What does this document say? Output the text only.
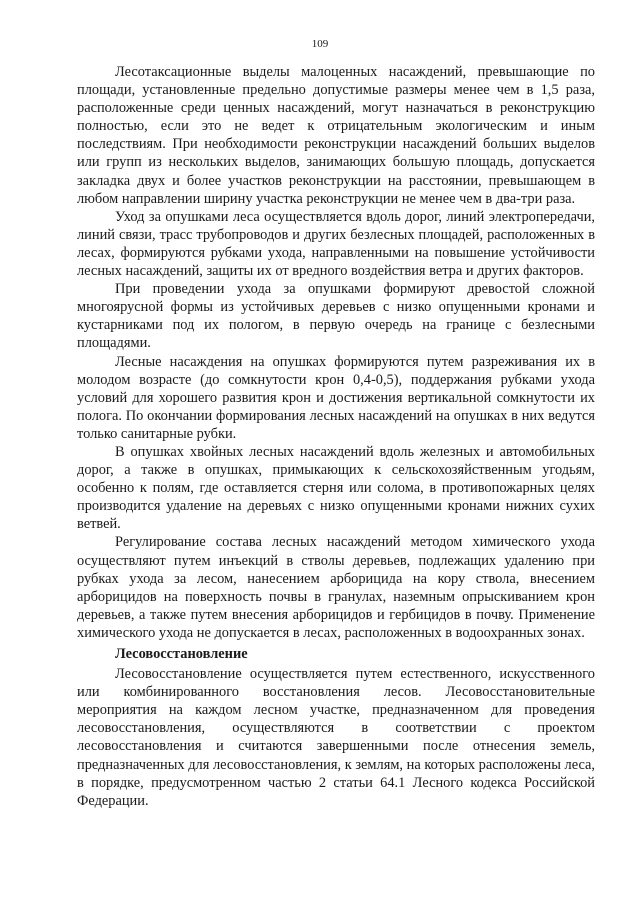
109

Лесотаксационные выделы малоценных насаждений, превышающие по площади, установленные предельно допустимые размеры менее чем в 1,5 раза, расположенные среди ценных насаждений, могут назначаться в реконструкцию полностью, если это не ведет к отрицательным экологическим и иным последствиям. При необходимости реконструкции насаждений больших выделов или групп из нескольких выделов, занимающих большую площадь, допускается закладка двух и более участков реконструкции на расстоянии, превышающем в любом направлении ширину участка реконструкции не менее чем в два-три раза.

Уход за опушками леса осуществляется вдоль дорог, линий электропередачи, линий связи, трасс трубопроводов и других безлесных площадей, расположенных в лесах, формируются рубками ухода, направленными на повышение устойчивости лесных насаждений, защиты их от вредного воздействия ветра и других факторов.

При проведении ухода за опушками формируют древостой сложной многоярусной формы из устойчивых деревьев с низко опущенными кронами и кустарниками под их пологом, в первую очередь на границе с безлесными площадями.

Лесные насаждения на опушках формируются путем разреживания их в молодом возрасте (до сомкнутости крон 0,4-0,5), поддержания рубками ухода условий для хорошего развития крон и достижения вертикальной сомкнутости их полога. По окончании формирования лесных насаждений на опушках в них ведутся только санитарные рубки.

В опушках хвойных лесных насаждений вдоль железных и автомобильных дорог, а также в опушках, примыкающих к сельскохозяйственным угодьям, особенно к полям, где оставляется стерня или солома, в противопожарных целях производится удаление на деревьях с низко опущенными кронами нижних сухих ветвей.

Регулирование состава лесных насаждений методом химического ухода осуществляют путем инъекций в стволы деревьев, подлежащих удалению при рубках ухода за лесом, нанесением арборицида на кору ствола, внесением арборицидов на поверхность почвы в гранулах, наземным опрыскиванием крон деревьев, а также путем внесения арборицидов и гербицидов в почву. Применение химического ухода не допускается в лесах, расположенных в водоохранных зонах.

Лесовосстановление

Лесовосстановление осуществляется путем естественного, искусственного или комбинированного восстановления лесов. Лесовосстановительные мероприятия на каждом лесном участке, предназначенном для проведения лесовосстановления, осуществляются в соответствии с проектом лесовосстановления и считаются завершенными после отнесения земель, предназначенных для лесовосстановления, к землям, на которых расположены леса, в порядке, предусмотренном частью 2 статьи 64.1 Лесного кодекса Российской Федерации.
